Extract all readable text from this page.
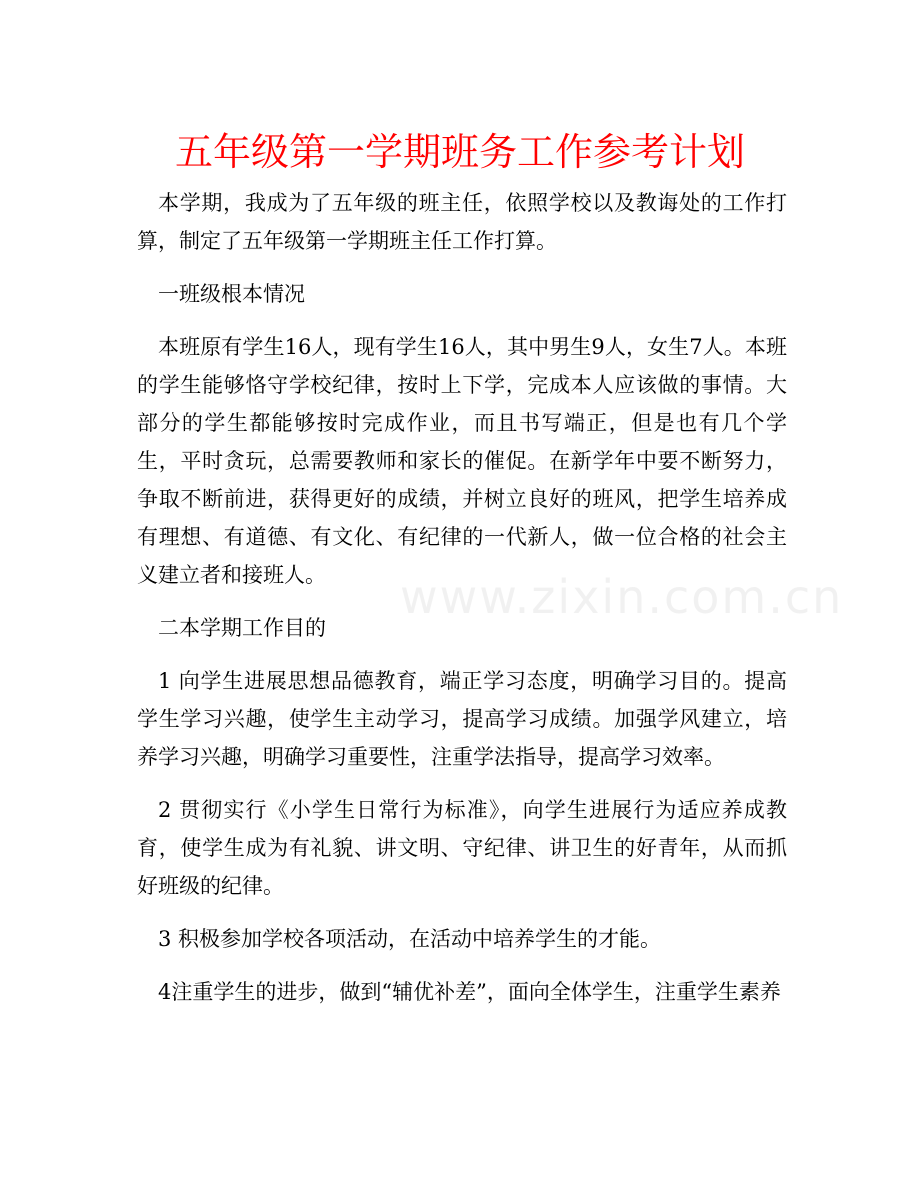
五年级第一学期班务工作参考计划
www.zixin.com.cn

本学期，我成为了五年级的班主任，依照学校以及教诲处的工作打算，制定了五年级第一学期班主任工作打算。

一班级根本情况

本班原有学生16人，现有学生16人，其中男生9人，女生7人。本班的学生能够恪守学校纪律，按时上下学，完成本人应该做的事情。大部分的学生都能够按时完成作业，而且书写端正，但是也有几个学生，平时贪玩，总需要教师和家长的催促。在新学年中要不断努力，争取不断前进，获得更好的成绩，并树立良好的班风，把学生培养成有理想、有道德、有文化、有纪律的一代新人，做一位合格的社会主义建立者和接班人。

二本学期工作目的

1 向学生进展思想品德教育，端正学习态度，明确学习目的。提高学生学习兴趣，使学生主动学习，提高学习成绩。加强学风建立，培养学习兴趣，明确学习重要性，注重学法指导，提高学习效率。

2 贯彻实行《小学生日常行为标准》，向学生进展行为适应养成教育，使学生成为有礼貌、讲文明、守纪律、讲卫生的好青年，从而抓好班级的纪律。

3 积极参加学校各项活动，在活动中培养学生的才能。

4注重学生的进步，做到“辅优补差”，面向全体学生，注重学生素养
